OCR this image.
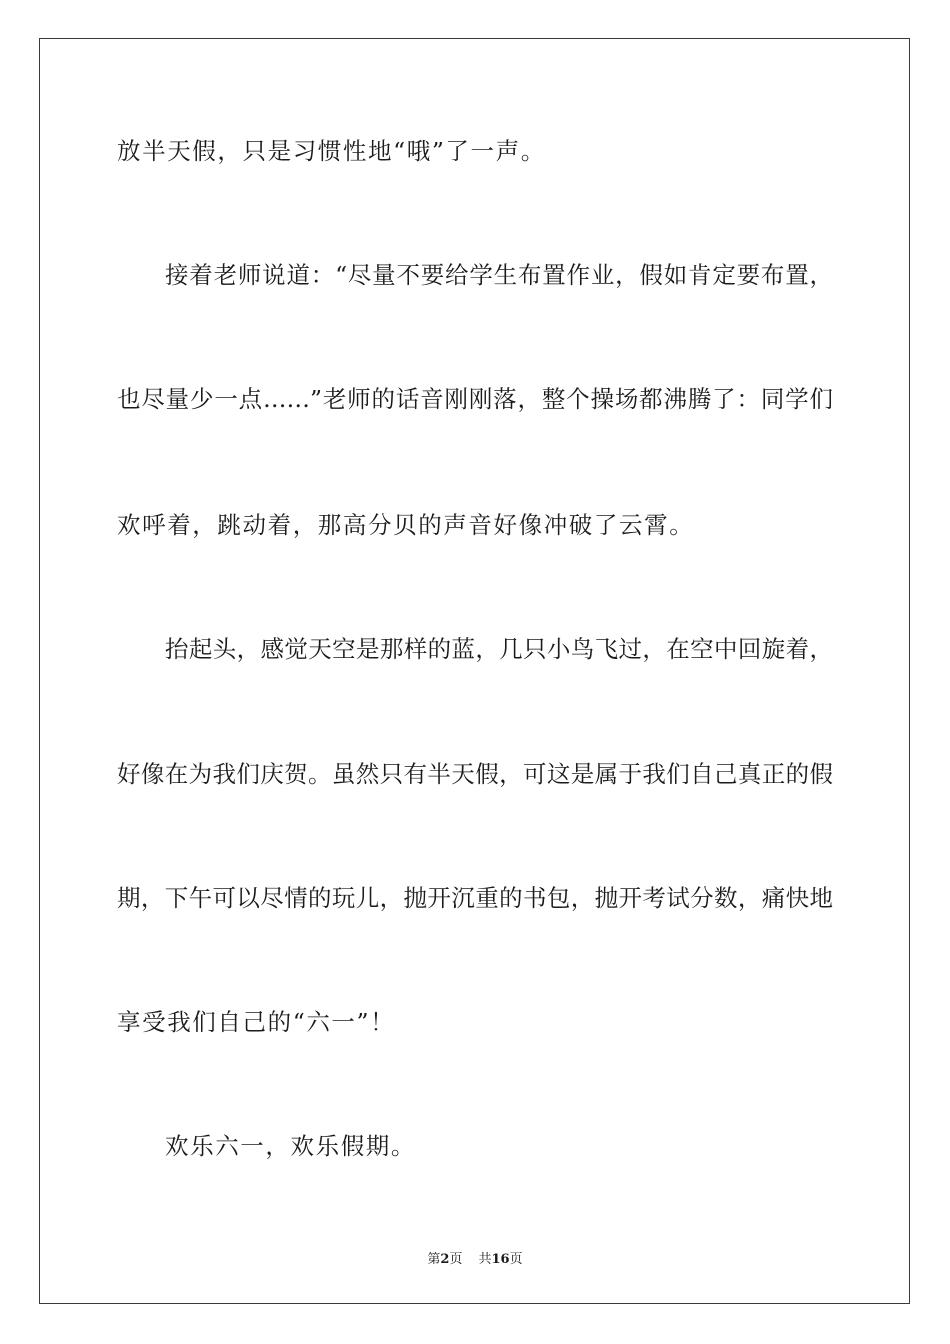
放半天假，只是习惯性地“哦”了一声。

接着老师说道：“尽量不要给学生布置作业，假如肯定要布置，

也尽量少一点……”老师的话音刚刚落，整个操场都沸腾了：同学们

欢呼着，跳动着，那高分贝的声音好像冲破了云霄。

抬起头，感觉天空是那样的蓝，几只小鸟飞过，在空中回旋着，

好像在为我们庆贺。虽然只有半天假，可这是属于我们自己真正的假

期，下午可以尽情的玩儿，抛开沉重的书包，抛开考试分数，痛快地

享受我们自己的“六一”！

欢乐六一，欢乐假期。

第2页 共16页
